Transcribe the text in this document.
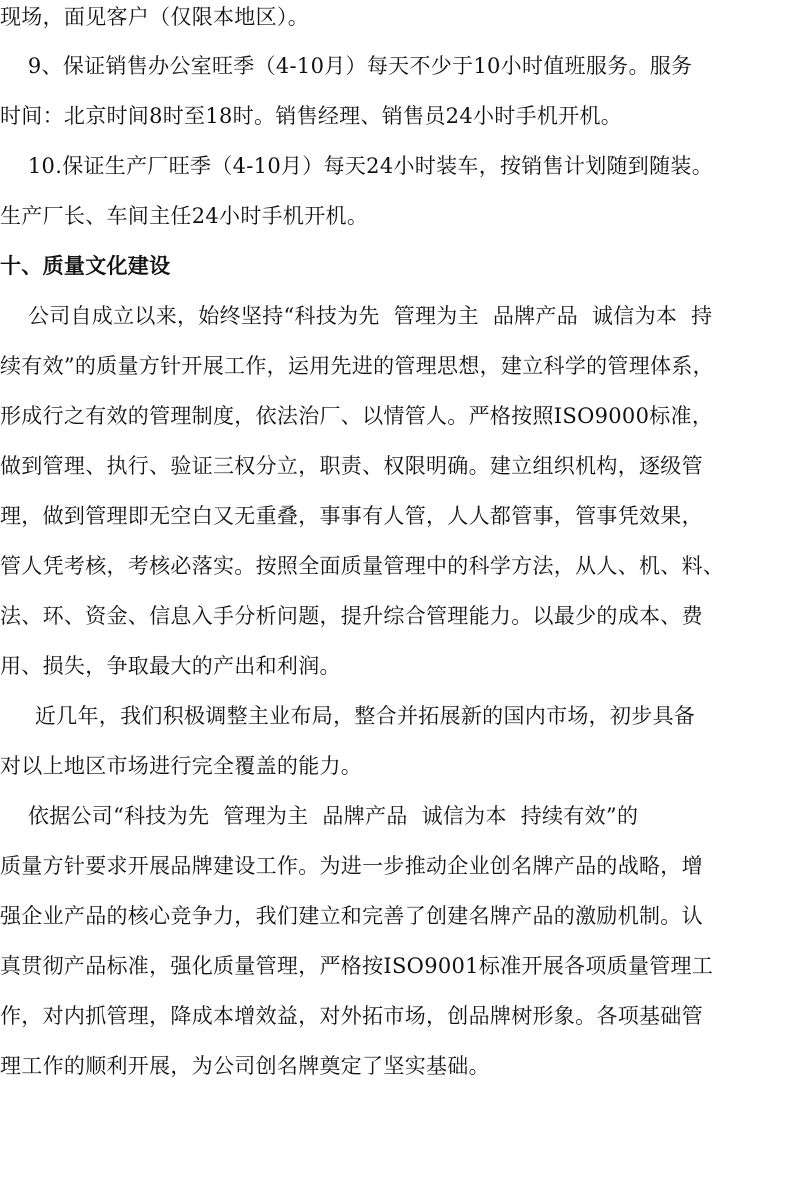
现场，面见客户（仅限本地区）。
9、保证销售办公室旺季（4-10月）每天不少于10小时值班服务。服务
时间：北京时间8时至18时。销售经理、销售员24小时手机开机。
10.保证生产厂旺季（4-10月）每天24小时装车，按销售计划随到随装。
生产厂长、车间主任24小时手机开机。
十、质量文化建设
公司自成立以来，始终坚持“科技为先  管理为主  品牌产品  诚信为本  持
续有效”的质量方针开展工作，运用先进的管理思想，建立科学的管理体系，
形成行之有效的管理制度，依法治厂、以情管人。严格按照ISO9000标准，
做到管理、执行、验证三权分立，职责、权限明确。建立组织机构，逐级管
理，做到管理即无空白又无重叠，事事有人管，人人都管事，管事凭效果，
管人凭考核，考核必落实。按照全面质量管理中的科学方法，从人、机、料、
法、环、资金、信息入手分析问题，提升综合管理能力。以最少的成本、费
用、损失，争取最大的产出和利润。
近几年，我们积极调整主业布局，整合并拓展新的国内市场，初步具备
对以上地区市场进行完全覆盖的能力。
依据公司“科技为先  管理为主  品牌产品  诚信为本  持续有效”的
质量方针要求开展品牌建设工作。为进一步推动企业创名牌产品的战略，增
强企业产品的核心竞争力，我们建立和完善了创建名牌产品的激励机制。认
真贯彻产品标准，强化质量管理，严格按ISO9001标准开展各项质量管理工
作，对内抓管理，降成本增效益，对外拓市场，创品牌树形象。各项基础管
理工作的顺利开展，为公司创名牌奠定了坚实基础。
